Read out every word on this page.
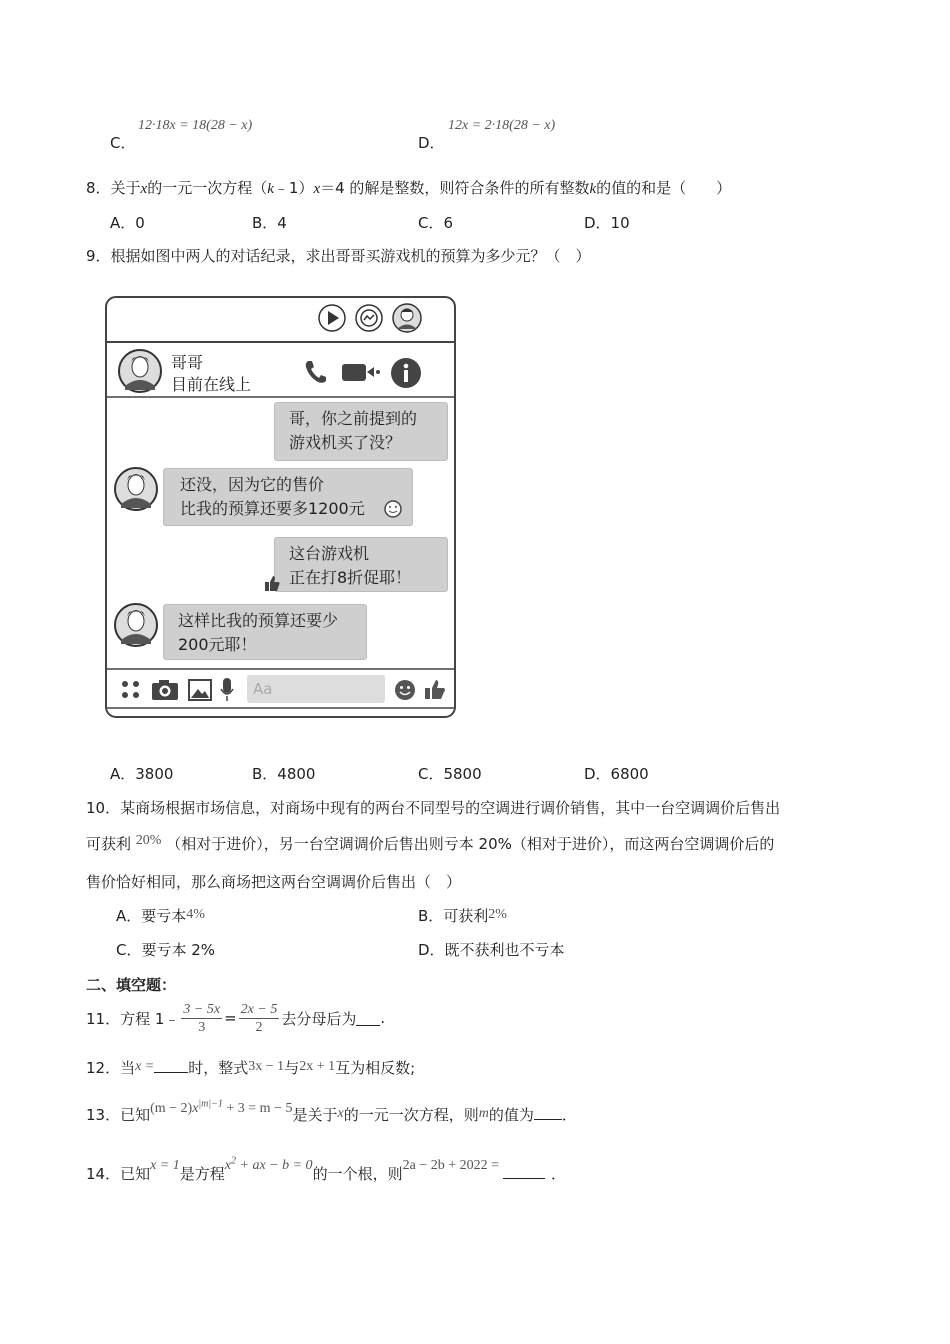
C．
12·18x = 18(28 − x)
D．
12x = 2·18(28 − x)
8．关于x的一元一次方程（k﹣1）x＝4 的解是整数，则符合条件的所有整数k的值的和是（　　）
A．0	B．4	C．6	D．10
9．根据如图中两人的对话纪录，求出哥哥买游戏机的预算为多少元？（　）
哥哥
目前在线上
哥，你之前提到的
游戏机买了没？
还没，因为它的售价
比我的预算还要多1200元
这台游戏机
正在打8折促耶！
这样比我的预算还要少
200元耶！
Aa
A．3800	B．4800	C．5800	D．6800
10．某商场根据市场信息，对商场中现有的两台不同型号的空调进行调价销售，其中一台空调调价后售出
可获利 20% （相对于进价），另一台空调调价后售出则亏本 20%（相对于进价），而这两台空调调价后的
售价恰好相同，那么商场把这两台空调调价后售出（　）
A．要亏本4%	B．可获利2%
C．要亏本 2%	D．既不获利也不亏本
二、填空题：
11．方程 1﹣ $\frac{3 - 5x}{3} = \frac{2x - 5}{2}$ 去分母后为 .
12．当x = 时，整式3x − 1与2x + 1互为相反数;
13．已知$(m - 2)x^{|m|-1} + 3 = m - 5$是关于x的一元一次方程，则m的值为 ．
14．已知x = 1是方程$x^2$ + ax − b = 0的一个根，则2a − 2b + 2022 =	．
